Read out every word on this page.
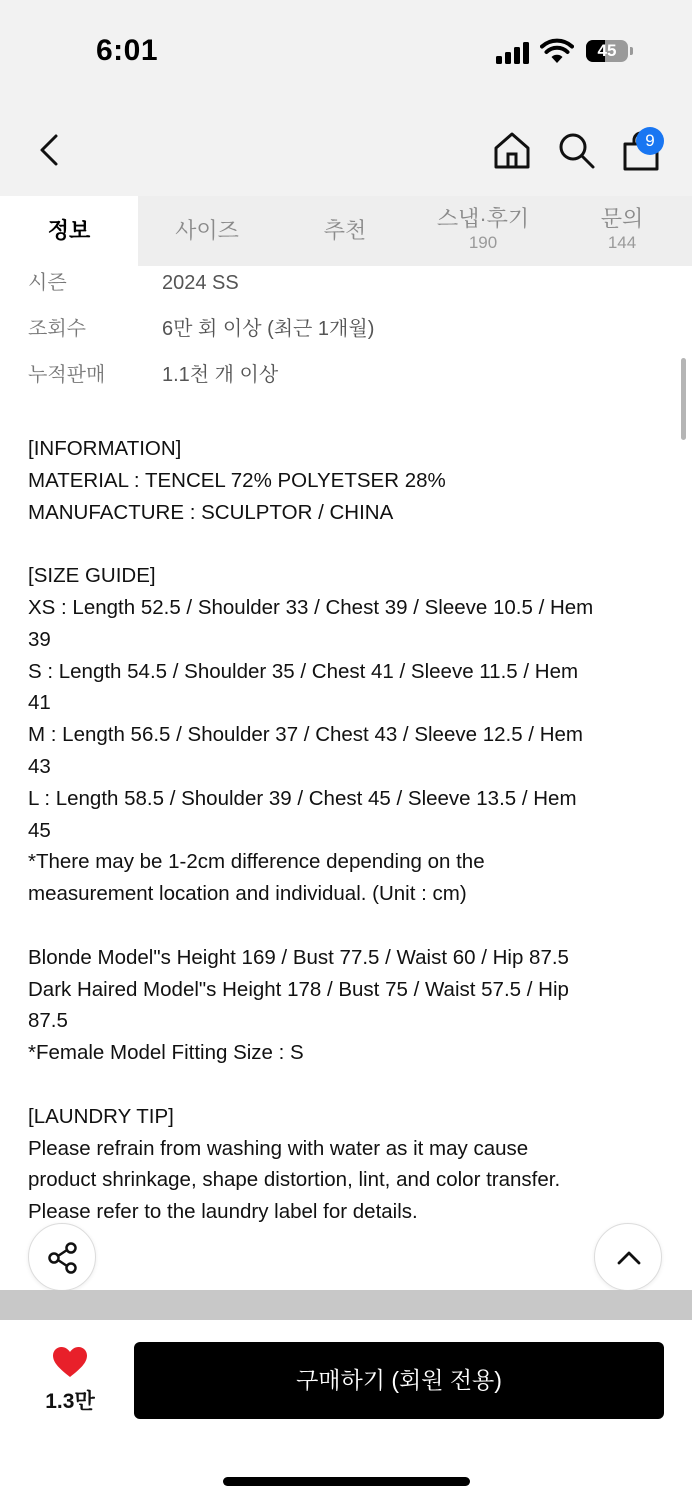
6:01	45
9
정보	사이즈	추천	스냅·후기
190
문의
144
시즌	2024 SS
조회수	6만 회 이상 (최근 1개월)
누적판매	1.1천 개 이상

[INFORMATION]

MATERIAL : TENCEL 72% POLYETSER 28%

MANUFACTURE : SCULPTOR / CHINA

[SIZE GUIDE]

XS : Length 52.5 / Shoulder 33 / Chest 39 / Sleeve 10.5 / Hem

39

S : Length 54.5 / Shoulder 35 / Chest 41 / Sleeve 11.5 / Hem

41

M : Length 56.5 / Shoulder 37 / Chest 43 / Sleeve 12.5 / Hem

43

L : Length 58.5 / Shoulder 39 / Chest 45 / Sleeve 13.5 / Hem

45

*There may be 1-2cm difference depending on the

measurement location and individual. (Unit : cm)

Blonde Model"s Height 169 / Bust 77.5 / Waist 60 / Hip 87.5

Dark Haired Model"s Height 178 / Bust 75 / Waist 57.5 / Hip

87.5

*Female Model Fitting Size : S

[LAUNDRY TIP]

Please refrain from washing with water as it may cause

product shrinkage, shape distortion, lint, and color transfer.

Please refer to the laundry label for details.

1.3만
구매하기 (회원 전용)
